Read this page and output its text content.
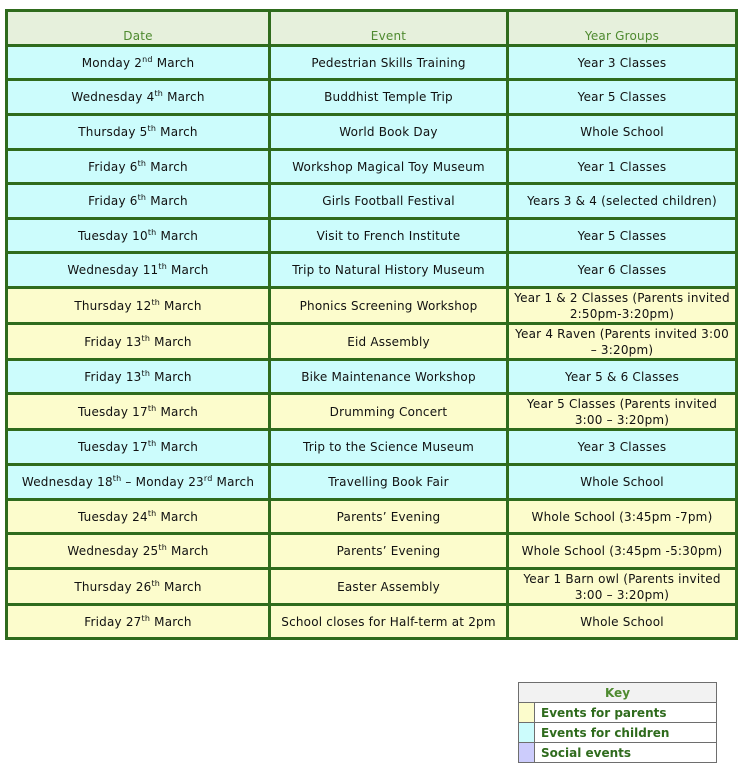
Date	Event	Year Groups
Monday 2nd March	Pedestrian Skills Training	Year 3 Classes
Wednesday 4th March	Buddhist Temple Trip	Year 5 Classes
Thursday 5th March	World Book Day	Whole School
Friday 6th March	Workshop Magical Toy Museum	Year 1 Classes
Friday 6th March	Girls Football Festival	Years 3 & 4 (selected children)
Tuesday 10th March	Visit to French Institute	Year 5 Classes
Wednesday 11th March	Trip to Natural History Museum	Year 6 Classes
Thursday 12th March	Phonics Screening Workshop	Year 1 & 2 Classes (Parents invited 2:50pm-3:20pm)
Friday 13th March	Eid Assembly	Year 4 Raven (Parents invited 3:00 – 3:20pm)
Friday 13th March	Bike Maintenance Workshop	Year 5 & 6 Classes
Tuesday 17th March	Drumming Concert	Year 5 Classes (Parents invited 3:00 – 3:20pm)
Tuesday 17th March	Trip to the Science Museum	Year 3 Classes
Wednesday 18th – Monday 23rd March	Travelling Book Fair	Whole School
Tuesday 24th March	Parents’ Evening	Whole School (3:45pm -7pm)
Wednesday 25th March	Parents’ Evening	Whole School (3:45pm -5:30pm)
Thursday 26th March	Easter Assembly	Year 1 Barn owl (Parents invited 3:00 – 3:20pm)
Friday 27th March	School closes for Half-term at 2pm	Whole School
Key	
	Events for parents
	Events for children
	Social events
